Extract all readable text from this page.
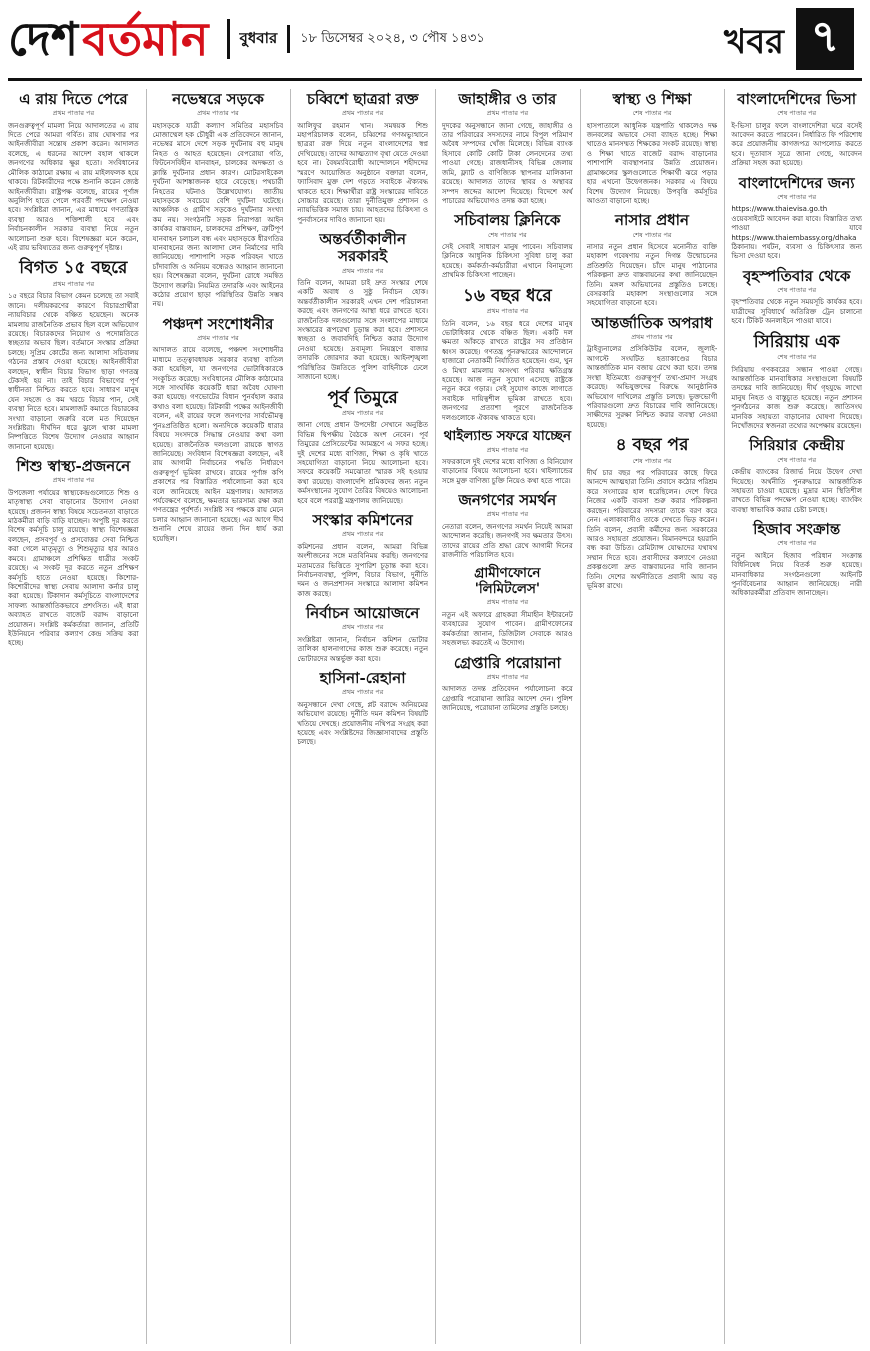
দেশ বর্তমান বুধবার ১৮ ডিসেম্বর ২০২৪, ৩ পৌষ ১৪৩১	খবর ৭
এ রায় দিতে পেরে
প্রথম পাতার পর

জনগুরুত্বপূর্ণ মামলা নিয়ে আদালতের এ রায় দিতে পেরে আমরা গর্বিত। রায় ঘোষণার পর আইনজীবীরা সন্তোষ প্রকাশ করেন। আদালত বলেছে, এ ধরনের আদেশ বহাল থাকলে জনগণের অধিকার ক্ষুণ্ণ হতো। সংবিধানের মৌলিক কাঠামো রক্ষায় এ রায় মাইলফলক হয়ে থাকবে। রিটকারীদের পক্ষে শুনানি করেন জ্যেষ্ঠ আইনজীবীরা। রাষ্ট্রপক্ষ বলেছে, রায়ের পূর্ণাঙ্গ অনুলিপি হাতে পেলে পরবর্তী পদক্ষেপ নেওয়া হবে। সংশ্লিষ্টরা জানান, এর মাধ্যমে গণতান্ত্রিক ব্যবস্থা আরও শক্তিশালী হবে এবং নির্বাচনকালীন সরকার ব্যবস্থা নিয়ে নতুন আলোচনা শুরু হবে। বিশেষজ্ঞরা মনে করেন, এই রায় ভবিষ্যতের জন্য গুরুত্বপূর্ণ দৃষ্টান্ত।

বিগত ১৫ বছরে
প্রথম পাতার পর

১৫ বছরে বিচার বিভাগ কেমন চলেছে তা সবাই জানে। দলীয়করণের কারণে বিচারপ্রার্থীরা ন্যায়বিচার থেকে বঞ্চিত হয়েছেন। অনেক মামলায় রাজনৈতিক প্রভাব ছিল বলে অভিযোগ রয়েছে। বিচারকদের নিয়োগ ও পদোন্নতিতে স্বচ্ছতার অভাব ছিল। বর্তমানে সংস্কার প্রক্রিয়া চলছে। সুপ্রিম কোর্টের জন্য আলাদা সচিবালয় গঠনের প্রস্তাব দেওয়া হয়েছে। আইনজীবীরা বলছেন, স্বাধীন বিচার বিভাগ ছাড়া গণতন্ত্র টেকসই হয় না। তাই বিচার বিভাগের পূর্ণ স্বাধীনতা নিশ্চিত করতে হবে। সাধারণ মানুষ যেন সহজে ও কম খরচে বিচার পান, সেই ব্যবস্থা নিতে হবে। মামলাজট কমাতে বিচারকের সংখ্যা বাড়ানো জরুরি বলে মত দিয়েছেন সংশ্লিষ্টরা। দীর্ঘদিন ধরে ঝুলে থাকা মামলা নিষ্পত্তিতে বিশেষ উদ্যোগ নেওয়ার আহ্বান জানানো হয়েছে।

শিশু স্বাস্থ্য-প্রজননে
প্রথম পাতার পর

উপজেলা পর্যায়ের স্বাস্থ্যকেন্দ্রগুলোতে শিশু ও মাতৃস্বাস্থ্য সেবা বাড়ানোর উদ্যোগ নেওয়া হয়েছে। প্রজনন স্বাস্থ্য বিষয়ে সচেতনতা বাড়াতে মাঠকর্মীরা বাড়ি বাড়ি যাচ্ছেন। অপুষ্টি দূর করতে বিশেষ কর্মসূচি চালু রয়েছে। স্বাস্থ্য বিশেষজ্ঞরা বলছেন, প্রসবপূর্ব ও প্রসবোত্তর সেবা নিশ্চিত করা গেলে মাতৃমৃত্যু ও শিশুমৃত্যুর হার আরও কমবে। গ্রামাঞ্চলে প্রশিক্ষিত ধাত্রীর সংকট রয়েছে। এ সংকট দূর করতে নতুন প্রশিক্ষণ কর্মসূচি হাতে নেওয়া হয়েছে। কিশোর-কিশোরীদের স্বাস্থ্য সেবায় আলাদা কর্নার চালু করা হয়েছে। টিকাদান কর্মসূচিতে বাংলাদেশের সাফল্য আন্তর্জাতিকভাবে প্রশংসিত। এই ধারা অব্যাহত রাখতে বাজেট বরাদ্দ বাড়ানো প্রয়োজন। সংশ্লিষ্ট কর্মকর্তারা জানান, প্রতিটি ইউনিয়নে পরিবার কল্যাণ কেন্দ্র সক্রিয় করা হচ্ছে।

নভেম্বরে সড়কে
প্রথম পাতার পর

মহাসড়কে যাত্রী কল্যাণ সমিতির মহাসচিব মোজাম্মেল হক চৌধুরী এক প্রতিবেদনে জানান, নভেম্বর মাসে দেশে সড়ক দুর্ঘটনায় বহু মানুষ নিহত ও আহত হয়েছেন। বেপরোয়া গতি, ফিটনেসবিহীন যানবাহন, চালকের অদক্ষতা ও ক্লান্তি দুর্ঘটনার প্রধান কারণ। মোটরসাইকেল দুর্ঘটনা আশঙ্কাজনক হারে বেড়েছে। পথচারী নিহতের ঘটনাও উল্লেখযোগ্য। জাতীয় মহাসড়কে সবচেয়ে বেশি দুর্ঘটনা ঘটেছে। আঞ্চলিক ও গ্রামীণ সড়কেও দুর্ঘটনার সংখ্যা কম নয়। সংগঠনটি সড়ক নিরাপত্তা আইন কার্যকর বাস্তবায়ন, চালকদের প্রশিক্ষণ, ত্রুটিপূর্ণ যানবাহন চলাচল বন্ধ এবং মহাসড়কে ধীরগতির যানবাহনের জন্য আলাদা লেন নির্মাণের দাবি জানিয়েছে। পাশাপাশি সড়ক পরিবহন খাতে চাঁদাবাজি ও অনিয়ম বন্ধেরও আহ্বান জানানো হয়। বিশেষজ্ঞরা বলেন, দুর্ঘটনা রোধে সমন্বিত উদ্যোগ জরুরি। নিয়মিত তদারকি এবং আইনের কঠোর প্রয়োগ ছাড়া পরিস্থিতির উন্নতি সম্ভব নয়।

পঞ্চদশ সংশোধনীর
প্রথম পাতার পর

আদালত রায়ে বলেছে, পঞ্চদশ সংশোধনীর মাধ্যমে তত্ত্বাবধায়ক সরকার ব্যবস্থা বাতিল করা হয়েছিল, যা জনগণের ভোটাধিকারকে সংকুচিত করেছে। সংবিধানের মৌলিক কাঠামোর সঙ্গে সাংঘর্ষিক কয়েকটি ধারা অবৈধ ঘোষণা করা হয়েছে। গণভোটের বিধান পুনর্বহাল করার কথাও বলা হয়েছে। রিটকারী পক্ষের আইনজীবী বলেন, এই রায়ের ফলে জনগণের সার্বভৌমত্ব পুনঃপ্রতিষ্ঠিত হলো। অন্যদিকে কয়েকটি ধারার বিষয়ে সংসদকে সিদ্ধান্ত নেওয়ার কথা বলা হয়েছে। রাজনৈতিক দলগুলো রায়কে স্বাগত জানিয়েছে। সংবিধান বিশেষজ্ঞরা বলছেন, এই রায় আগামী নির্বাচনের পদ্ধতি নির্ধারণে গুরুত্বপূর্ণ ভূমিকা রাখবে। রায়ের পূর্ণাঙ্গ কপি প্রকাশের পর বিস্তারিত পর্যালোচনা করা হবে বলে জানিয়েছে আইন মন্ত্রণালয়। আদালত পর্যবেক্ষণে বলেছে, ক্ষমতার ভারসাম্য রক্ষা করা গণতন্ত্রের পূর্বশর্ত। সংশ্লিষ্ট সব পক্ষকে রায় মেনে চলার আহ্বান জানানো হয়েছে। এর আগে দীর্ঘ শুনানি শেষে রায়ের জন্য দিন ধার্য করা হয়েছিল।

চব্বিশে ছাত্ররা রক্ত
প্রথম পাতার পর

আলিফুর রহমান খান। সমন্বয়ক শিশু মহাপরিচালক বলেন, চব্বিশের গণঅভ্যুত্থানে ছাত্ররা রক্ত দিয়ে নতুন বাংলাদেশের স্বপ্ন দেখিয়েছে। তাদের আত্মত্যাগ বৃথা যেতে দেওয়া হবে না। বৈষম্যবিরোধী আন্দোলনে শহীদদের স্মরণে আয়োজিত অনুষ্ঠানে বক্তারা বলেন, ফ্যাসিবাদ মুক্ত দেশ গড়তে সবাইকে ঐক্যবদ্ধ থাকতে হবে। শিক্ষার্থীরা রাষ্ট্র সংস্কারের দাবিতে সোচ্চার রয়েছে। তারা দুর্নীতিমুক্ত প্রশাসন ও ন্যায়ভিত্তিক সমাজ চায়। আহতদের চিকিৎসা ও পুনর্বাসনের দাবিও জানানো হয়।

অন্তর্বর্তীকালীন সরকারই
প্রথম পাতার পর

তিনি বলেন, আমরা চাই দ্রুত সংস্কার শেষে একটি অবাধ ও সুষ্ঠু নির্বাচন হোক। অন্তর্বর্তীকালীন সরকারই এখন দেশ পরিচালনা করছে এবং জনগণের আস্থা ধরে রাখতে হবে। রাজনৈতিক দলগুলোর সঙ্গে সংলাপের মাধ্যমে সংস্কারের রূপরেখা চূড়ান্ত করা হবে। প্রশাসনে স্বচ্ছতা ও জবাবদিহি নিশ্চিত করার উদ্যোগ নেওয়া হয়েছে। দ্রব্যমূল্য নিয়ন্ত্রণে বাজার তদারকি জোরদার করা হয়েছে। আইনশৃঙ্খলা পরিস্থিতির উন্নতিতে পুলিশ বাহিনীকে ঢেলে সাজানো হচ্ছে।

পূর্ব তিমুরে
প্রথম পাতার পর

জানা গেছে প্রধান উপদেষ্টা সেখানে অনুষ্ঠিত বিভিন্ন দ্বিপক্ষীয় বৈঠকে অংশ নেবেন। পূর্ব তিমুরের প্রেসিডেন্টের আমন্ত্রণে এ সফর হচ্ছে। দুই দেশের মধ্যে বাণিজ্য, শিক্ষা ও কৃষি খাতে সহযোগিতা বাড়ানো নিয়ে আলোচনা হবে। সফরে কয়েকটি সমঝোতা স্মারক সই হওয়ার কথা রয়েছে। বাংলাদেশি শ্রমিকদের জন্য নতুন কর্মসংস্থানের সুযোগ তৈরির বিষয়েও আলোচনা হবে বলে পররাষ্ট্র মন্ত্রণালয় জানিয়েছে।

সংস্কার কমিশনের
প্রথম পাতার পর

কমিশনের প্রধান বলেন, আমরা বিভিন্ন অংশীজনের সঙ্গে মতবিনিময় করছি। জনগণের মতামতের ভিত্তিতে সুপারিশ চূড়ান্ত করা হবে। নির্বাচনব্যবস্থা, পুলিশ, বিচার বিভাগ, দুর্নীতি দমন ও জনপ্রশাসন সংস্কারে আলাদা কমিশন কাজ করছে।

নির্বাচন আয়োজনে
প্রথম পাতার পর

সংশ্লিষ্টরা জানান, নির্বাচন কমিশন ভোটার তালিকা হালনাগাদের কাজ শুরু করেছে। নতুন ভোটারদের অন্তর্ভুক্ত করা হবে।

হাসিনা-রেহানা
প্রথম পাতার পর

অনুসন্ধানে দেখা গেছে, প্লট বরাদ্দে অনিয়মের অভিযোগ রয়েছে। দুর্নীতি দমন কমিশন বিষয়টি খতিয়ে দেখছে। প্রয়োজনীয় নথিপত্র সংগ্রহ করা হয়েছে এবং সংশ্লিষ্টদের জিজ্ঞাসাবাদের প্রস্তুতি চলছে।

জাহাঙ্গীর ও তার
প্রথম পাতার পর

দুদকের অনুসন্ধানে জানা গেছে, জাহাঙ্গীর ও তার পরিবারের সদস্যদের নামে বিপুল পরিমাণ অবৈধ সম্পদের খোঁজ মিলেছে। বিভিন্ন ব্যাংক হিসাবে কোটি কোটি টাকা লেনদেনের তথ্য পাওয়া গেছে। রাজধানীসহ বিভিন্ন জেলায় জমি, ফ্ল্যাট ও বাণিজ্যিক স্থাপনার মালিকানা রয়েছে। আদালত তাদের স্থাবর ও অস্থাবর সম্পদ জব্দের আদেশ দিয়েছে। বিদেশে অর্থ পাচারের অভিযোগও তদন্ত করা হচ্ছে।

সচিবালয় ক্লিনিকে
শেষ পাতার পর

সেই সেবাই সাধারণ মানুষ পাবেন। সচিবালয় ক্লিনিকে আধুনিক চিকিৎসা সুবিধা চালু করা হয়েছে। কর্মকর্তা-কর্মচারীরা এখানে বিনামূল্যে প্রাথমিক চিকিৎসা পাচ্ছেন।

১৬ বছর ধরে
প্রথম পাতার পর

তিনি বলেন, ১৬ বছর ধরে দেশের মানুষ ভোটাধিকার থেকে বঞ্চিত ছিল। একটি দল ক্ষমতা আঁকড়ে রাখতে রাষ্ট্রের সব প্রতিষ্ঠান ধ্বংস করেছে। গণতন্ত্র পুনরুদ্ধারের আন্দোলনে হাজারো নেতাকর্মী নির্যাতিত হয়েছেন। গুম, খুন ও মিথ্যা মামলায় অসংখ্য পরিবার ক্ষতিগ্রস্ত হয়েছে। আজ নতুন সুযোগ এসেছে রাষ্ট্রকে নতুন করে গড়ার। সেই সুযোগ কাজে লাগাতে সবাইকে দায়িত্বশীল ভূমিকা রাখতে হবে। জনগণের প্রত্যাশা পূরণে রাজনৈতিক দলগুলোকে ঐক্যবদ্ধ থাকতে হবে।

থাইল্যান্ড সফরে যাচ্ছেন
প্রথম পাতার পর

সফরকালে দুই দেশের মধ্যে বাণিজ্য ও বিনিয়োগ বাড়ানোর বিষয়ে আলোচনা হবে। থাইল্যান্ডের সঙ্গে মুক্ত বাণিজ্য চুক্তি নিয়েও কথা হতে পারে।

জনগণের সমর্থন
প্রথম পাতার পর

নেতারা বলেন, জনগণের সমর্থন নিয়েই আমরা আন্দোলন করেছি। জনগণই সব ক্ষমতার উৎস। তাদের রায়ের প্রতি শ্রদ্ধা রেখে আগামী দিনের রাজনীতি পরিচালিত হবে।

গ্রামীণফোনে 'লিমিটলেস'
প্রথম পাতার পর

নতুন এই অফারে গ্রাহকরা সীমাহীন ইন্টারনেট ব্যবহারের সুযোগ পাবেন। গ্রামীণফোনের কর্মকর্তারা জানান, ডিজিটাল সেবাকে আরও সহজলভ্য করতেই এ উদ্যোগ।

গ্রেপ্তারি পরোয়ানা
প্রথম পাতার পর

আদালত তদন্ত প্রতিবেদন পর্যালোচনা করে গ্রেপ্তারি পরোয়ানা জারির আদেশ দেন। পুলিশ জানিয়েছে, পরোয়ানা তামিলের প্রস্তুতি চলছে।

স্বাস্থ্য ও শিক্ষা
শেষ পাতার পর

হাসপাতালে আধুনিক যন্ত্রপাতি থাকলেও দক্ষ জনবলের অভাবে সেবা ব্যাহত হচ্ছে। শিক্ষা খাতেও মানসম্মত শিক্ষকের সংকট রয়েছে। স্বাস্থ্য ও শিক্ষা খাতে বাজেট বরাদ্দ বাড়ানোর পাশাপাশি ব্যবস্থাপনার উন্নতি প্রয়োজন। গ্রামাঞ্চলের স্কুলগুলোতে শিক্ষার্থী ঝরে পড়ার হার এখনো উদ্বেগজনক। সরকার এ বিষয়ে বিশেষ উদ্যোগ নিয়েছে। উপবৃত্তি কর্মসূচির আওতা বাড়ানো হচ্ছে।

নাসার প্রধান
শেষ পাতার পর

নাসার নতুন প্রধান হিসেবে মনোনীত ব্যক্তি মহাকাশ গবেষণায় নতুন দিগন্ত উন্মোচনের প্রতিশ্রুতি দিয়েছেন। চাঁদে মানুষ পাঠানোর পরিকল্পনা দ্রুত বাস্তবায়নের কথা জানিয়েছেন তিনি। মঙ্গল অভিযানের প্রস্তুতিও চলছে। বেসরকারি মহাকাশ সংস্থাগুলোর সঙ্গে সহযোগিতা বাড়ানো হবে।

আন্তর্জাতিক অপরাধ
প্রথম পাতার পর

ট্রাইব্যুনালের প্রসিকিউটর বলেন, জুলাই-আগস্টে সংঘটিত হত্যাকাণ্ডের বিচার আন্তর্জাতিক মান বজায় রেখে করা হবে। তদন্ত সংস্থা ইতিমধ্যে গুরুত্বপূর্ণ তথ্য-প্রমাণ সংগ্রহ করেছে। অভিযুক্তদের বিরুদ্ধে আনুষ্ঠানিক অভিযোগ দাখিলের প্রস্তুতি চলছে। ভুক্তভোগী পরিবারগুলো দ্রুত বিচারের দাবি জানিয়েছে। সাক্ষীদের সুরক্ষা নিশ্চিত করার ব্যবস্থা নেওয়া হয়েছে।

৪ বছর পর
শেষ পাতার পর

দীর্ঘ চার বছর পর পরিবারের কাছে ফিরে আনন্দে আত্মহারা তিনি। প্রবাসে কঠোর পরিশ্রম করে সংসারের হাল ধরেছিলেন। দেশে ফিরে নিজের একটি ব্যবসা শুরু করার পরিকল্পনা করছেন। পরিবারের সদস্যরা তাকে বরণ করে নেন। এলাকাবাসীও তাকে দেখতে ভিড় করেন। তিনি বলেন, প্রবাসী কর্মীদের জন্য সরকারের আরও সহায়তা প্রয়োজন। বিমানবন্দরে হয়রানি বন্ধ করা উচিত। রেমিট্যান্স যোদ্ধাদের যথাযথ সম্মান দিতে হবে। প্রবাসীদের কল্যাণে নেওয়া প্রকল্পগুলো দ্রুত বাস্তবায়নের দাবি জানান তিনি। দেশের অর্থনীতিতে প্রবাসী আয় বড় ভূমিকা রাখে।

বাংলাদেশিদের ভিসা
শেষ পাতার পর

ই-ভিসা চালুর ফলে বাংলাদেশিরা ঘরে বসেই আবেদন করতে পারবেন। নির্ধারিত ফি পরিশোধ করে প্রয়োজনীয় কাগজপত্র আপলোড করতে হবে। দূতাবাস সূত্রে জানা গেছে, আবেদন প্রক্রিয়া সহজ করা হয়েছে।

বাংলাদেশিদের জন্য
শেষ পাতার পর

https://www.thaievisa.go.th ওয়েবসাইটে আবেদন করা যাবে। বিস্তারিত তথ্য পাওয়া যাবে https://www.thaiembassy.org/dhaka ঠিকানায়। পর্যটন, ব্যবসা ও চিকিৎসার জন্য ভিসা দেওয়া হবে।

বৃহস্পতিবার থেকে
শেষ পাতার পর

বৃহস্পতিবার থেকে নতুন সময়সূচি কার্যকর হবে। যাত্রীদের সুবিধার্থে অতিরিক্ত ট্রেন চালানো হবে। টিকিট অনলাইনে পাওয়া যাবে।

সিরিয়ায় এক
শেষ পাতার পর

সিরিয়ায় গণকবরের সন্ধান পাওয়া গেছে। আন্তর্জাতিক মানবাধিকার সংস্থাগুলো বিষয়টি তদন্তের দাবি জানিয়েছে। দীর্ঘ গৃহযুদ্ধে লাখো মানুষ নিহত ও বাস্তুচ্যুত হয়েছে। নতুন প্রশাসন পুনর্গঠনের কাজ শুরু করেছে। জাতিসংঘ মানবিক সহায়তা বাড়ানোর ঘোষণা দিয়েছে। নিখোঁজদের স্বজনরা তথ্যের অপেক্ষায় রয়েছেন।

সিরিয়ার কেন্দ্রীয়
শেষ পাতার পর

কেন্দ্রীয় ব্যাংকের রিজার্ভ নিয়ে উদ্বেগ দেখা দিয়েছে। অর্থনীতি পুনরুদ্ধারে আন্তর্জাতিক সহায়তা চাওয়া হয়েছে। মুদ্রার মান স্থিতিশীল রাখতে বিভিন্ন পদক্ষেপ নেওয়া হচ্ছে। ব্যাংকিং ব্যবস্থা স্বাভাবিক করার চেষ্টা চলছে।

হিজাব সংক্রান্ত
শেষ পাতার পর

নতুন আইনে হিজাব পরিধান সংক্রান্ত বিধিনিষেধ নিয়ে বিতর্ক শুরু হয়েছে। মানবাধিকার সংগঠনগুলো আইনটি পুনর্বিবেচনার আহ্বান জানিয়েছে। নারী অধিকারকর্মীরা প্রতিবাদ জানাচ্ছেন।
